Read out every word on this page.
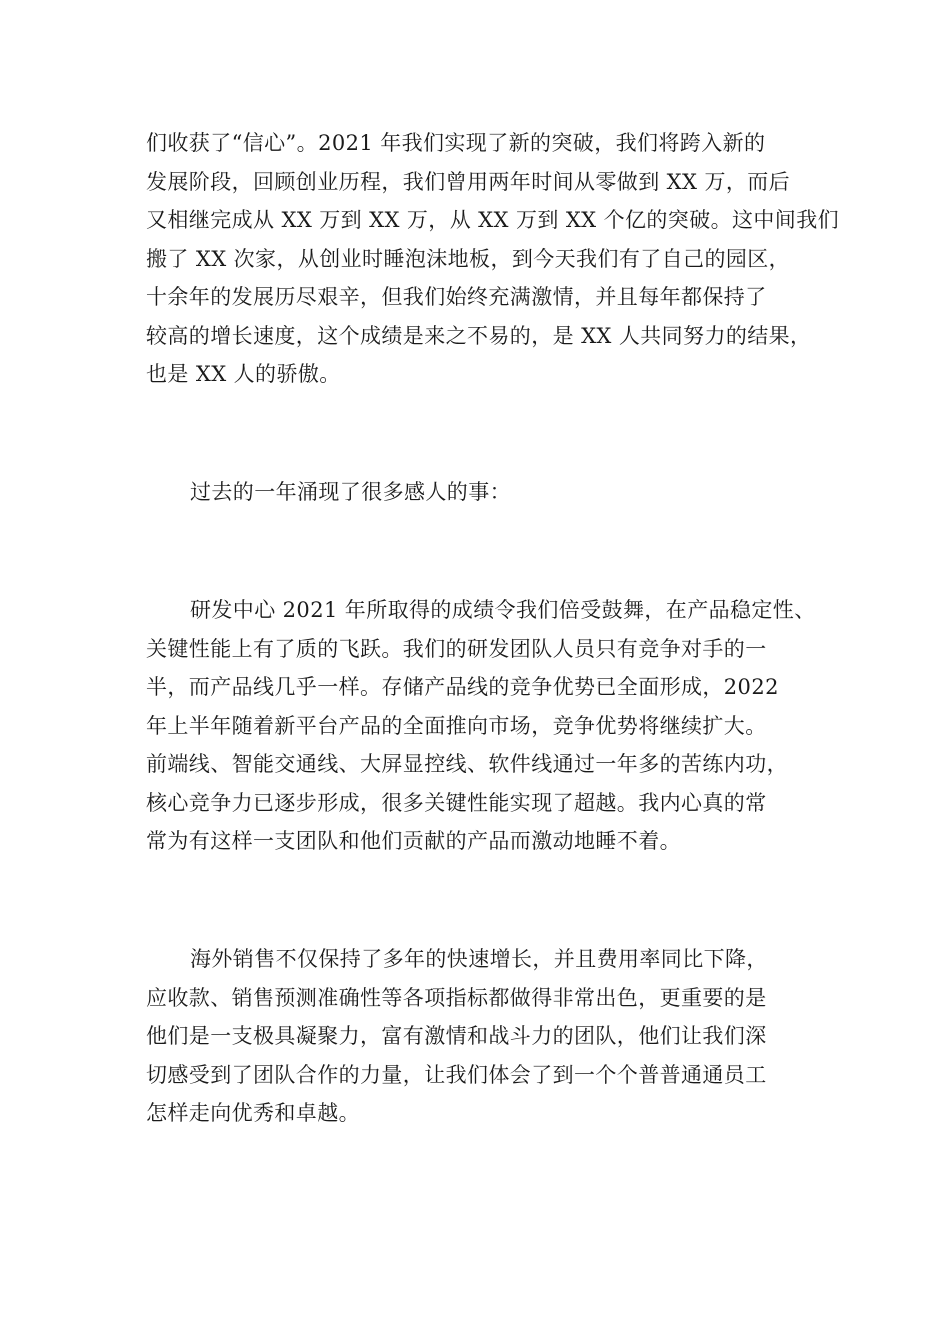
们收获了“信心”。2021 年我们实现了新的突破，我们将跨入新的
发展阶段，回顾创业历程，我们曾用两年时间从零做到 XX 万，而后
又相继完成从 XX 万到 XX 万，从 XX 万到 XX 个亿的突破。这中间我们
搬了 XX 次家，从创业时睡泡沫地板，到今天我们有了自己的园区，
十余年的发展历尽艰辛，但我们始终充满激情，并且每年都保持了
较高的增长速度，这个成绩是来之不易的，是 XX 人共同努力的结果，
也是 XX 人的骄傲。

过去的一年涌现了很多感人的事：

研发中心 2021 年所取得的成绩令我们倍受鼓舞，在产品稳定性、
关键性能上有了质的飞跃。我们的研发团队人员只有竞争对手的一
半，而产品线几乎一样。存储产品线的竞争优势已全面形成，2022
年上半年随着新平台产品的全面推向市场，竞争优势将继续扩大。
前端线、智能交通线、大屏显控线、软件线通过一年多的苦练内功，
核心竞争力已逐步形成，很多关键性能实现了超越。我内心真的常
常为有这样一支团队和他们贡献的产品而激动地睡不着。

海外销售不仅保持了多年的快速增长，并且费用率同比下降，
应收款、销售预测准确性等各项指标都做得非常出色，更重要的是
他们是一支极具凝聚力，富有激情和战斗力的团队，他们让我们深
切感受到了团队合作的力量，让我们体会了到一个个普普通通员工
怎样走向优秀和卓越。
